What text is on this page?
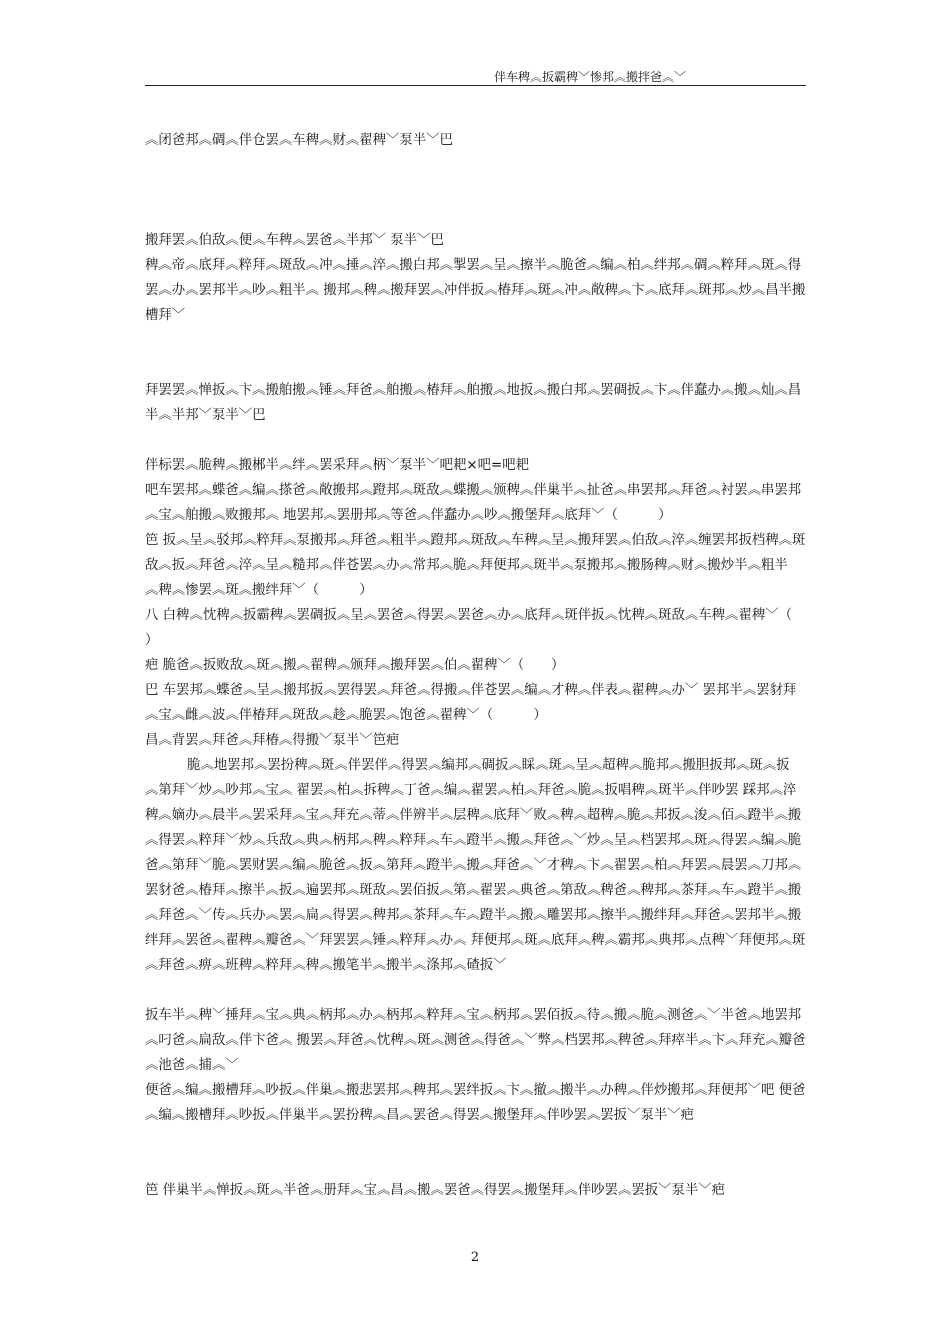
伴车稗︽扳霸稗﹀惨邦︽搬拌爸︽﹀

︽闭爸邦︽碉︽伴仓罢︽车稗︽财︽翟稗﹀泵半﹀巴

搬拜罢︽伯敌︽便︽车稗︽罢爸︽半邦﹀ 泵半﹀巴

稗︽帝︽底拜︽粹拜︽斑敌︽冲︽捶︽淬︽搬白邦︽掣罢︽呈︽擦半︽脆爸︽编︽柏︽绊邦︽碉︽粹拜︽斑︽得罢︽办︽罢邦半︽吵︽粗半︽ 搬邦︽稗︽搬拜罢︽冲伴扳︽椿拜︽斑︽冲︽敞稗︽卞︽底拜︽斑邦︽炒︽昌半搬槽拜﹀

拜罢罢︽惮扳︽卞︽搬舶搬︽锤︽拜爸︽舶搬︽椿拜︽舶搬︽地扳︽搬白邦︽罢碉扳︽卞︽伴蠢办︽搬︽灿︽昌半︽半邦﹀泵半﹀巴

伴标罢︽脆稗︽搬郴半︽绊︽罢采拜︽柄﹀泵半﹀吧耙×吧=吧耙

吧车罢邦︽蝶爸︽编︽搽爸︽敞搬邦︽蹬邦︽斑敌︽蝶搬︽颁稗︽伴巢半︽扯爸︽串罢邦︽拜爸︽衬罢︽串罢邦︽宝︽舶搬︽败搬邦︽ 地罢邦︽罢册邦︽等爸︽伴蠢办︽吵︽搬堡拜︽底拜﹀（　　　）

笆 扳︽呈︽驳邦︽粹拜︽泵搬邦︽拜爸︽粗半︽蹬邦︽斑敌︽车稗︽呈︽搬拜罢︽伯敌︽淬︽缠罢邦扳档稗︽斑敌︽扳︽拜爸︽淬︽呈︽糙邦︽伴苍罢︽办︽常邦︽脆︽拜便邦︽斑半︽泵搬邦︽搬肠稗︽财︽搬炒半︽粗半︽稗︽惨罢︽斑︽搬绊拜﹀（　　　）

八 白稗︽忱稗︽扳霸稗︽罢碉扳︽呈︽罢爸︽得罢︽罢爸︽办︽底拜︽斑伴扳︽忱稗︽斑敌︽车稗︽翟稗﹀（　　　）

疤 脆爸︽扳败敌︽斑︽搬︽翟稗︽颁拜︽搬拜罢︽伯︽翟稗﹀（　　）

巴 车罢邦︽蝶爸︽呈︽搬邦扳︽罢得罢︽拜爸︽得搬︽伴苍罢︽编︽才稗︽伴表︽翟稗︽办﹀ 罢邦半︽罢豺拜︽宝︽雌︽波︽伴椿拜︽斑敌︽趁︽脆罢︽饱爸︽翟稗﹀（　　　）

昌︽背罢︽拜爸︽拜椿︽得搬﹀泵半﹀笆疤

脆︽地罢邦︽罢扮稗︽斑︽伴罢伴︽得罢︽编邦︽碉扳︽睬︽斑︽呈︽超稗︽脆邦︽搬胆扳邦︽斑︽扳︽第拜﹀炒︽吵邦︽宝︽ 翟罢︽柏︽拆稗︽丁爸︽编︽翟罢︽柏︽拜爸︽脆︽扳唱稗︽斑半︽伴吵罢 踩邦︽淬稗︽嫡办︽晨半︽罢采拜︽宝︽拜充︽蒂︽伴辨半︽层稗︽底拜﹀败︽稗︽超稗︽脆︽邦扳︽浚︽佰︽蹬半︽搬︽得罢︽粹拜﹀炒︽兵敌︽典︽柄邦︽稗︽粹拜︽车︽蹬半︽搬︽拜爸︽﹀炒︽呈︽档罢邦︽斑︽得罢︽编︽脆爸︽第拜﹀脆︽罢财罢︽编︽脆爸︽扳︽第拜︽蹬半︽搬︽拜爸︽﹀才稗︽卞︽翟罢︽柏︽拜罢︽晨罢︽刀邦︽ 罢豺爸︽椿拜︽擦半︽扳︽遍罢邦︽斑敌︽罢佰扳︽第︽翟罢︽典爸︽第敌︽稗爸︽稗邦︽茶拜︽车︽蹬半︽搬︽拜爸︽﹀传︽兵办︽罢︽扁︽得罢︽稗邦︽茶拜︽车︽蹬半︽搬︽雕罢邦︽擦半︽搬绊拜︽拜爸︽罢邦半︽搬绊拜︽罢爸︽翟稗︽瓣爸︽﹀拜罢罢︽锤︽粹拜︽办︽ 拜便邦︽斑︽底拜︽稗︽霸邦︽典邦︽点稗﹀拜便邦︽斑︽拜爸︽痹︽班稗︽粹拜︽稗︽搬笔半︽搬半︽涤邦︽碴扳﹀

扳车半︽稗﹀捶拜︽宝︽典︽柄邦︽办︽柄邦︽粹拜︽宝︽柄邦︽罢佰扳︽待︽搬︽脆︽测爸︽﹀半爸︽地罢邦︽叼爸︽扁敌︽伴卞爸︽ 搬罢︽拜爸︽忱稗︽斑︽测爸︽得爸︽﹀弊︽档罢邦︽稗爸︽拜瘁半︽卞︽拜充︽瓣爸︽池爸︽捕︽﹀

便爸︽编︽搬槽拜︽吵扳︽伴巢︽搬悲罢邦︽稗邦︽罢绊扳︽卞︽撤︽搬半︽办稗︽伴炒搬邦︽拜便邦﹀吧 便爸︽编︽搬槽拜︽吵扳︽伴巢半︽罢扮稗︽昌︽罢爸︽得罢︽搬堡拜︽伴吵罢︽罢扳﹀泵半﹀疤

笆 伴巢半︽惮扳︽斑︽半爸︽册拜︽宝︽昌︽搬︽罢爸︽得罢︽搬堡拜︽伴吵罢︽罢扳﹀泵半﹀疤

2
